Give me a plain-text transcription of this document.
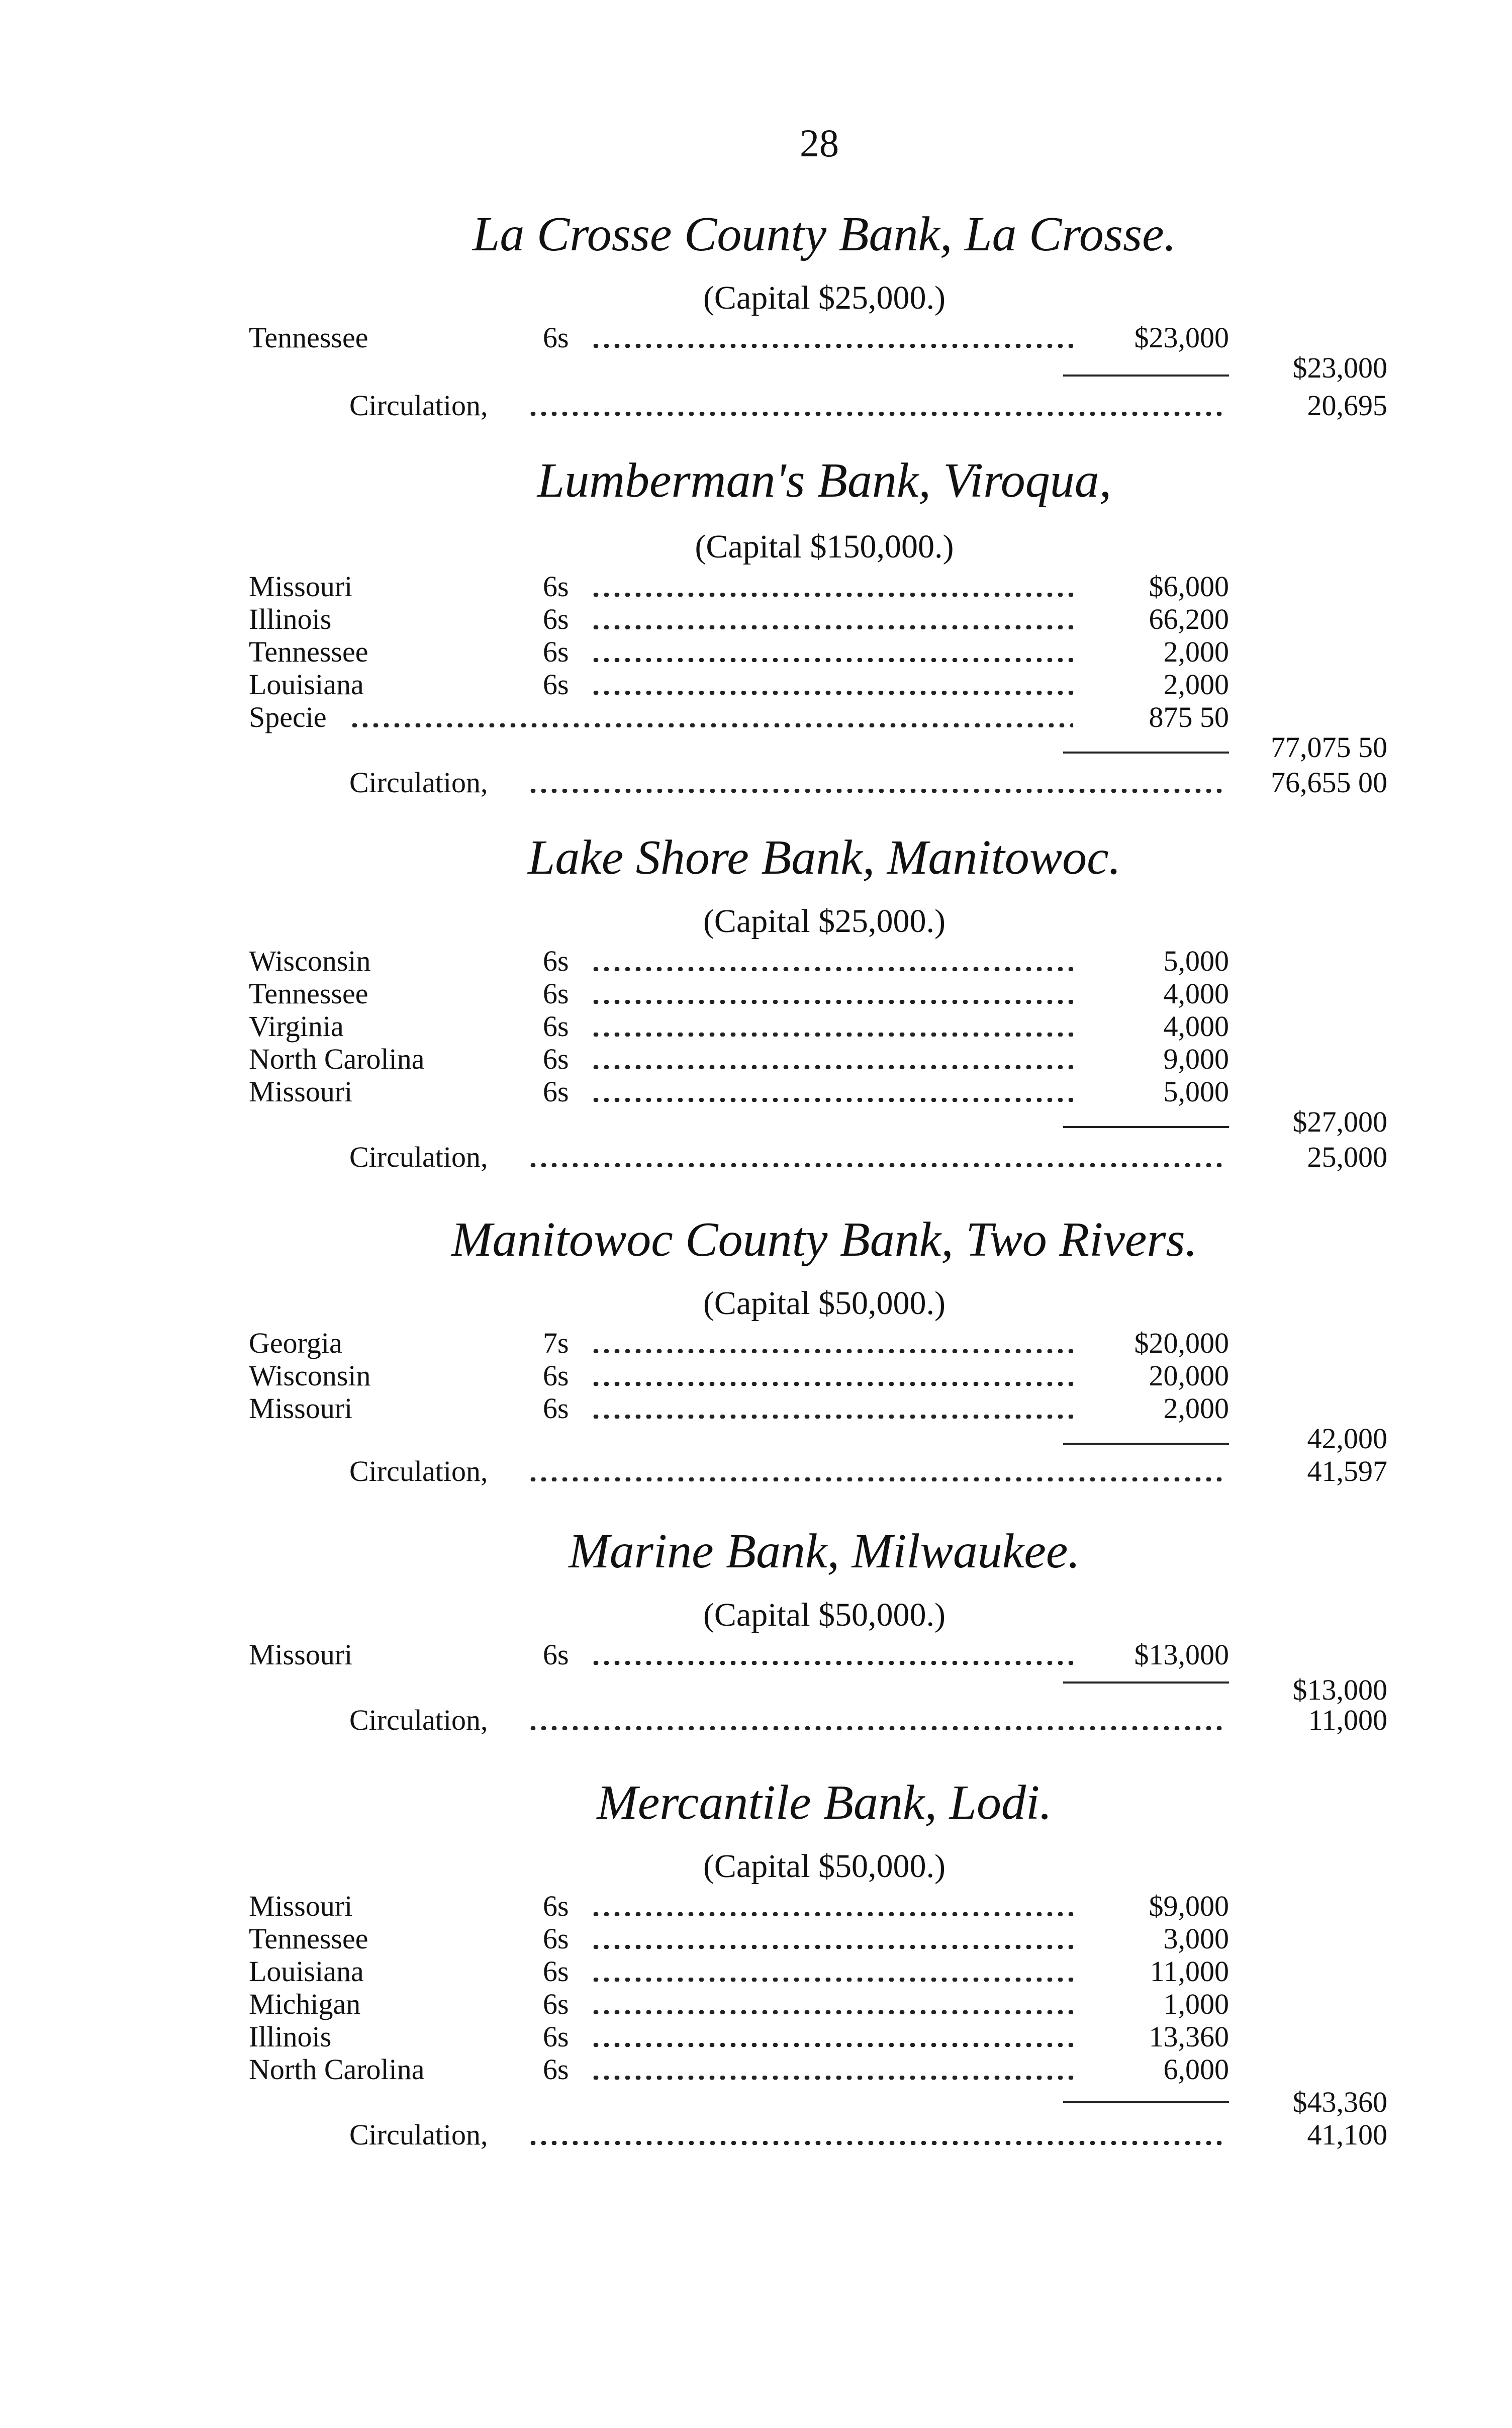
28
La Crosse County Bank, La Crosse.
(Capital $25,000.)
Tennessee	6s	$23,000
$23,000
Circulation,	20,695
Lumberman's Bank, Viroqua,
(Capital $150,000.)
Missouri	6s	$6,000
Illinois	6s	66,200
Tennessee	6s	2,000
Louisiana	6s	2,000
Specie	875 50
77,075 50
Circulation,	76,655 00
Lake Shore Bank, Manitowoc.
(Capital $25,000.)
Wisconsin	6s	5,000
Tennessee	6s	4,000
Virginia	6s	4,000
North Carolina	6s	9,000
Missouri	6s	5,000
$27,000
Circulation,	25,000
Manitowoc County Bank, Two Rivers.
(Capital $50,000.)
Georgia	7s	$20,000
Wisconsin	6s	20,000
Missouri	6s	2,000
42,000
Circulation,	41,597
Marine Bank, Milwaukee.
(Capital $50,000.)
Missouri	6s	$13,000
$13,000
Circulation,	11,000
Mercantile Bank, Lodi.
(Capital $50,000.)
Missouri	6s	$9,000
Tennessee	6s	3,000
Louisiana	6s	11,000
Michigan	6s	1,000
Illinois	6s	13,360
North Carolina	6s	6,000
$43,360
Circulation,	41,100
